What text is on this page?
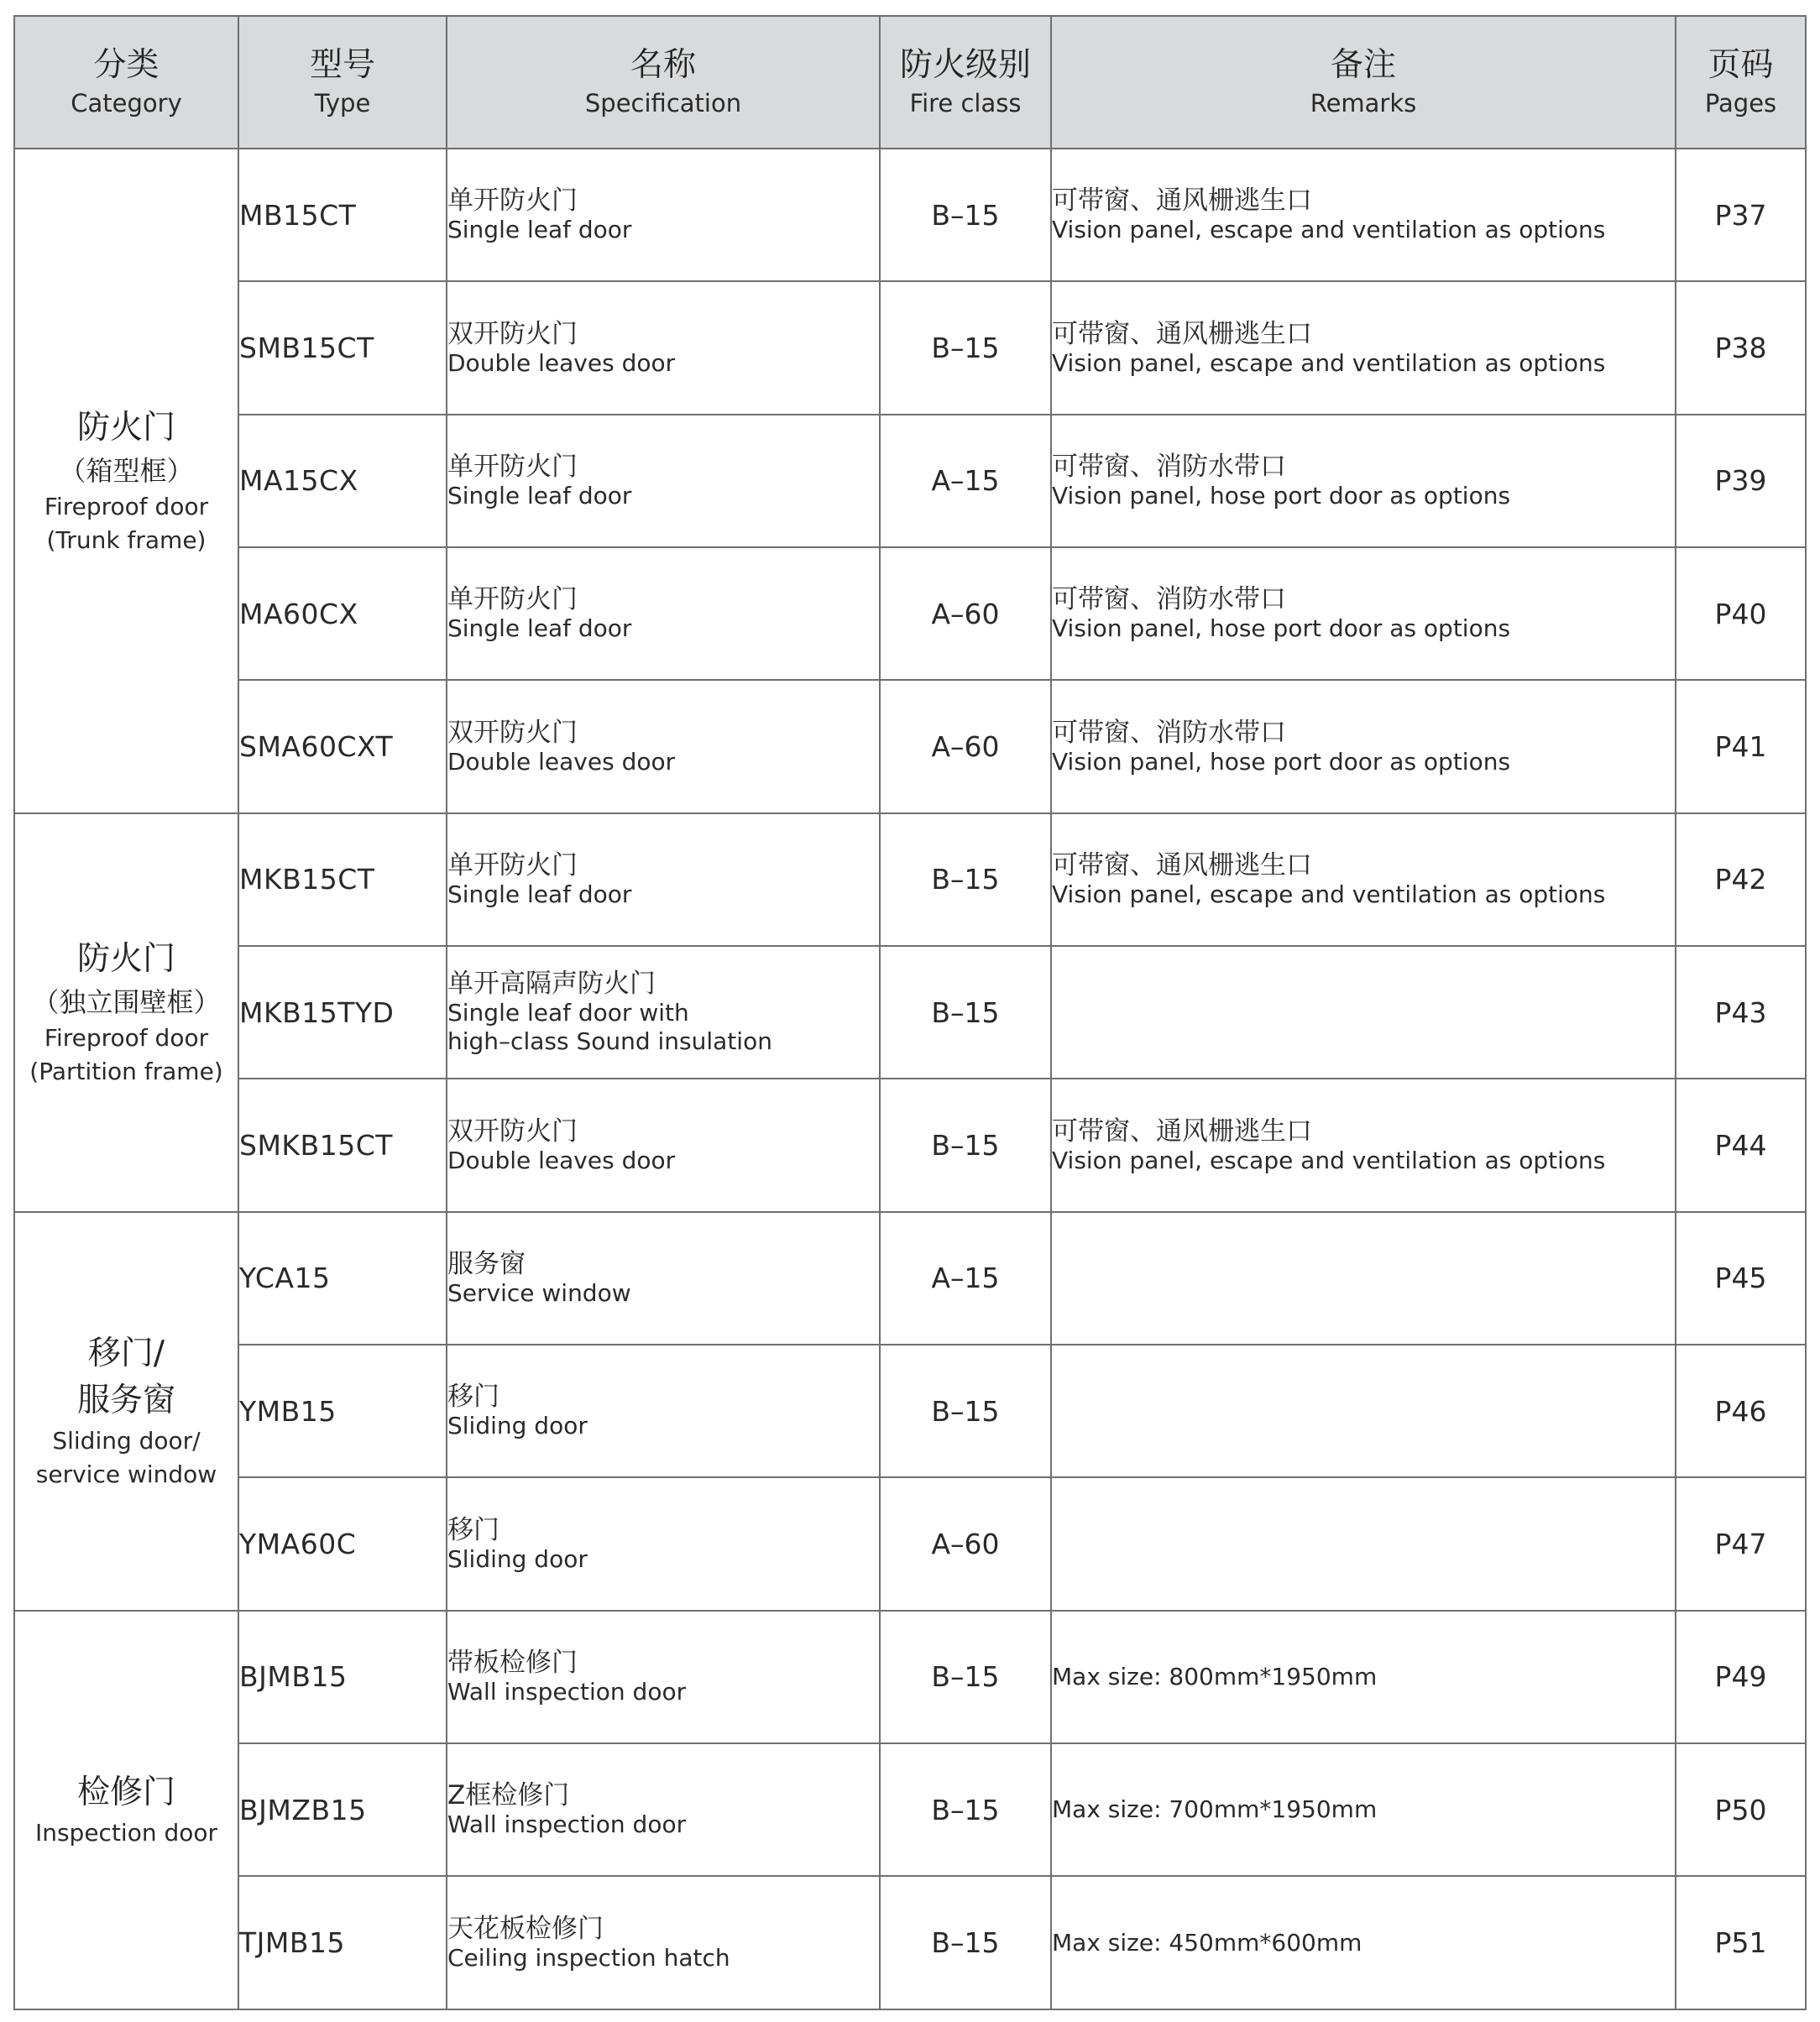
分类
Category	型号
Type	名称
Specification	防火级别
Fire class	备注
Remarks	页码
Pages

防火门
（箱型框）
Fireproof door
(Trunk frame)	MB15CT	单开防火门
Single leaf door	B–15	可带窗、通风栅逃生口
Vision panel, escape and ventilation as options	P37
	SMB15CT	双开防火门
Double leaves door	B–15	可带窗、通风栅逃生口
Vision panel, escape and ventilation as options	P38
	MA15CX	单开防火门
Single leaf door	A–15	可带窗、消防水带口
Vision panel, hose port door as options	P39
	MA60CX	单开防火门
Single leaf door	A–60	可带窗、消防水带口
Vision panel, hose port door as options	P40
	SMA60CXT	双开防火门
Double leaves door	A–60	可带窗、消防水带口
Vision panel, hose port door as options	P41

防火门
（独立围壁框）
Fireproof door
(Partition frame)	MKB15CT	单开防火门
Single leaf door	B–15	可带窗、通风栅逃生口
Vision panel, escape and ventilation as options	P42
	MKB15TYD	单开高隔声防火门
Single leaf door with
high–class Sound insulation	B–15		P43
	SMKB15CT	双开防火门
Double leaves door	B–15	可带窗、通风栅逃生口
Vision panel, escape and ventilation as options	P44

移门/
服务窗
Sliding door/
service window	YCA15	服务窗
Service window	A–15		P45
	YMB15	移门
Sliding door	B–15		P46
	YMA60C	移门
Sliding door	A–60		P47

检修门
Inspection door	BJMB15	带板检修门
Wall inspection door	B–15	Max size: 800mm*1950mm	P49
	BJMZB15	Z框检修门
Wall inspection door	B–15	Max size: 700mm*1950mm	P50
	TJMB15	天花板检修门
Ceiling inspection hatch	B–15	Max size: 450mm*600mm	P51
